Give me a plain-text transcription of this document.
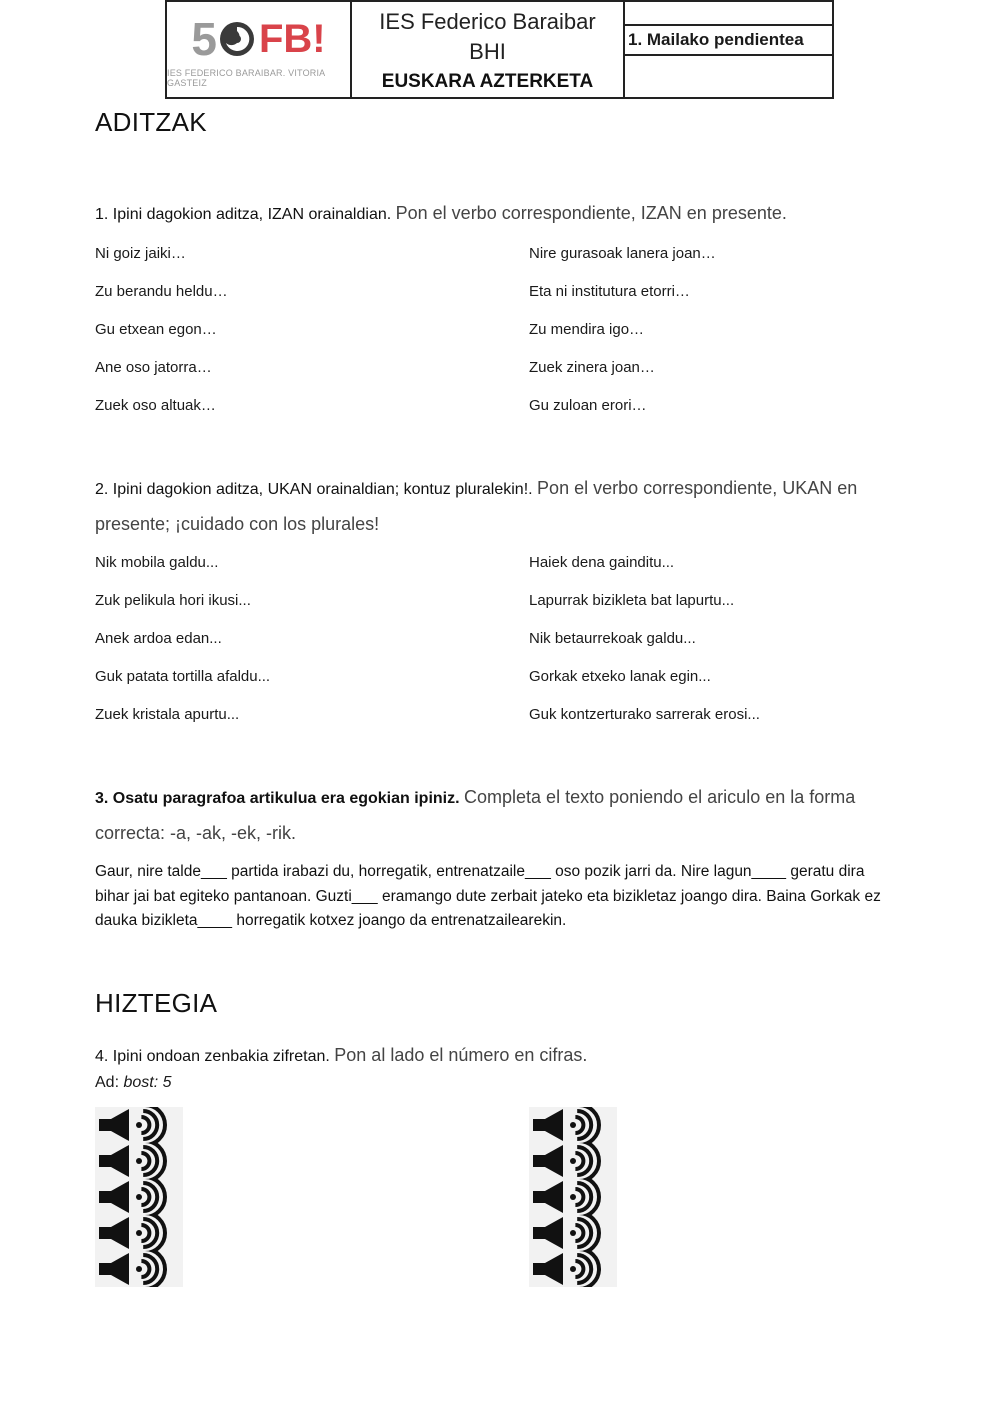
5 FB!
IES FEDERICO BARAIBAR. VITORIA GASTEIZ
IES Federico Baraibar
BHI
EUSKARA AZTERKETA
1. Mailako pendientea
ADITZAK
1. Ipini dagokion aditza, IZAN orainaldian. Pon el verbo correspondiente, IZAN en presente.
Ni goiz jaiki…	Nire gurasoak lanera joan…
Zu berandu heldu…	Eta ni institutura etorri…
Gu etxean egon…	Zu mendira igo…
Ane oso jatorra…	Zuek zinera joan…
Zuek oso altuak…	Gu zuloan erori…
2. Ipini dagokion aditza, UKAN orainaldian; kontuz pluralekin!. Pon el verbo correspondiente, UKAN en presente; ¡cuidado con los plurales!
Nik mobila galdu...	Haiek dena gainditu...
Zuk pelikula hori ikusi...	Lapurrak bizikleta bat lapurtu...
Anek ardoa edan...	Nik betaurrekoak galdu...
Guk patata tortilla afaldu...	Gorkak etxeko lanak egin...
Zuek kristala apurtu...	Guk kontzerturako sarrerak erosi...
3. Osatu paragrafoa artikulua era egokian ipiniz. Completa el texto poniendo el ariculo en la forma correcta: -a, -ak, -ek, -rik.
Gaur, nire talde___ partida irabazi du, horregatik, entrenatzaile___ oso pozik jarri da. Nire lagun____ geratu dira bihar jai bat egiteko pantanoan. Guzti___ eramango dute zerbait jateko eta bizikletaz joango dira. Baina Gorkak ez dauka bizikleta____ horregatik kotxez joango da entrenatzailearekin.
HIZTEGIA
4. Ipini ondoan zenbakia zifretan. Pon al lado el número en cifras.
Ad: bost: 5
